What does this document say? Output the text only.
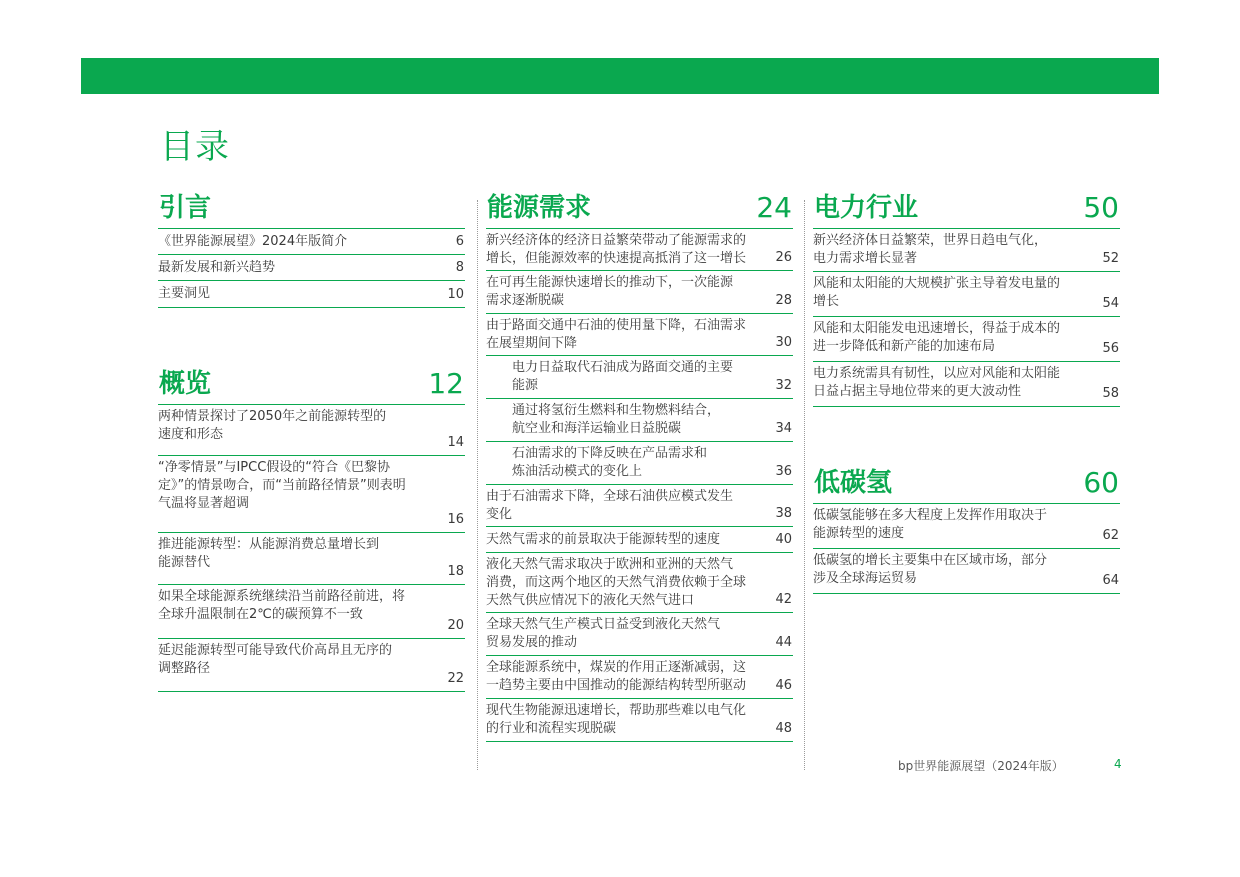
目录
引言
《世界能源展望》2024年版简介	6
最新发展和新兴趋势	8
主要洞见	10
概览	12
两种情景探讨了2050年之前能源转型的
速度和形态
14
“净零情景”与IPCC假设的“符合《巴黎协
定》”的情景吻合，而“当前路径情景”则表明
气温将显著超调
16
推进能源转型：从能源消费总量增长到
能源替代
18
如果全球能源系统继续沿当前路径前进，将
全球升温限制在2℃的碳预算不一致
20
延迟能源转型可能导致代价高昂且无序的
调整路径
22
能源需求	24
新兴经济体的经济日益繁荣带动了能源需求的
增长，但能源效率的快速提高抵消了这一增长	26
在可再生能源快速增长的推动下，一次能源
需求逐渐脱碳	28
由于路面交通中石油的使用量下降，石油需求
在展望期间下降	30
电力日益取代石油成为路面交通的主要
能源	32
通过将氢衍生燃料和生物燃料结合，
航空业和海洋运输业日益脱碳	34
石油需求的下降反映在产品需求和
炼油活动模式的变化上	36
由于石油需求下降，全球石油供应模式发生
变化	38
天然气需求的前景取决于能源转型的速度	40
液化天然气需求取决于欧洲和亚洲的天然气
消费，而这两个地区的天然气消费依赖于全球
天然气供应情况下的液化天然气进口	42
全球天然气生产模式日益受到液化天然气
贸易发展的推动	44
全球能源系统中，煤炭的作用正逐渐减弱，这
一趋势主要由中国推动的能源结构转型所驱动	46
现代生物能源迅速增长，帮助那些难以电气化
的行业和流程实现脱碳	48
电力行业	50
新兴经济体日益繁荣，世界日趋电气化，
电力需求增长显著	52
风能和太阳能的大规模扩张主导着发电量的
增长	54
风能和太阳能发电迅速增长，得益于成本的
进一步降低和新产能的加速布局	56
电力系统需具有韧性，以应对风能和太阳能
日益占据主导地位带来的更大波动性	58
低碳氢	60
低碳氢能够在多大程度上发挥作用取决于
能源转型的速度	62
低碳氢的增长主要集中在区域市场，部分
涉及全球海运贸易	64
bp世界能源展望（2024年版）	4
